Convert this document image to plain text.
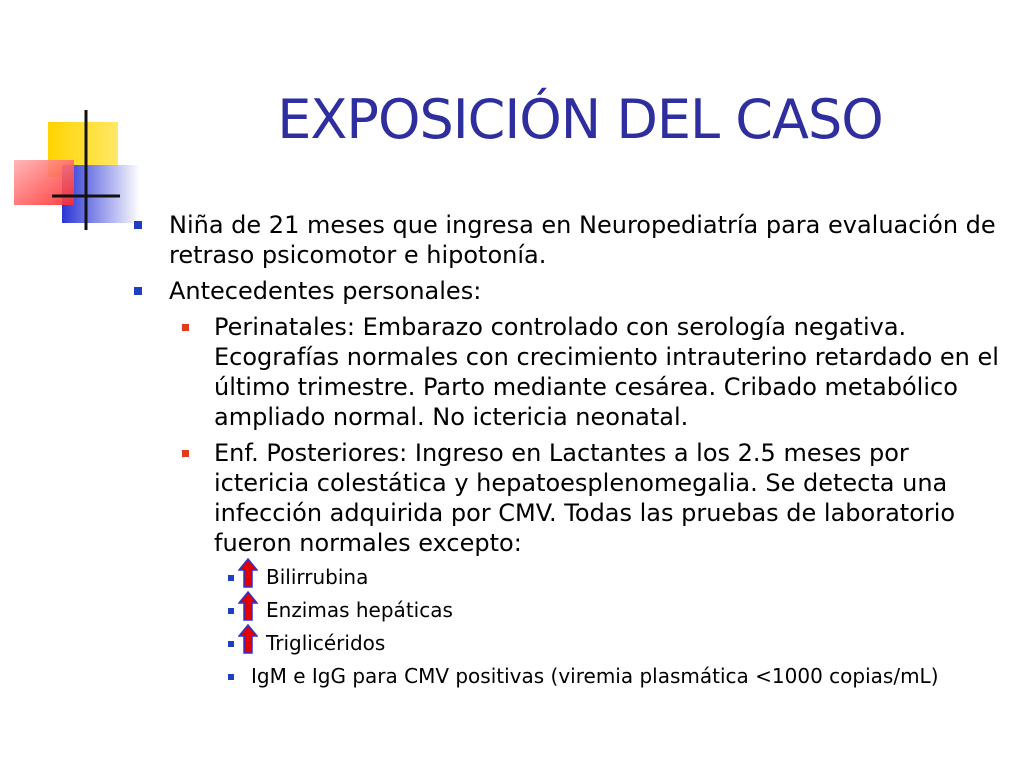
EXPOSICIÓN DEL CASO
Niña de 21 meses que ingresa en Neuropediatría para evaluación de retraso psicomotor e hipotonía.
Antecedentes personales:
Perinatales: Embarazo controlado con serología negativa. Ecografías normales con crecimiento intrauterino retardado en el último trimestre. Parto mediante cesárea. Cribado metabólico ampliado normal. No ictericia neonatal.
Enf. Posteriores: Ingreso en Lactantes a los 2.5 meses por ictericia colestática y hepatoesplenomegalia. Se detecta una infección adquirida por CMV. Todas las pruebas de laboratorio fueron normales excepto:
Bilirrubina
Enzimas hepáticas
Triglicéridos
IgM e IgG para CMV positivas (viremia plasmática <1000 copias/mL)
